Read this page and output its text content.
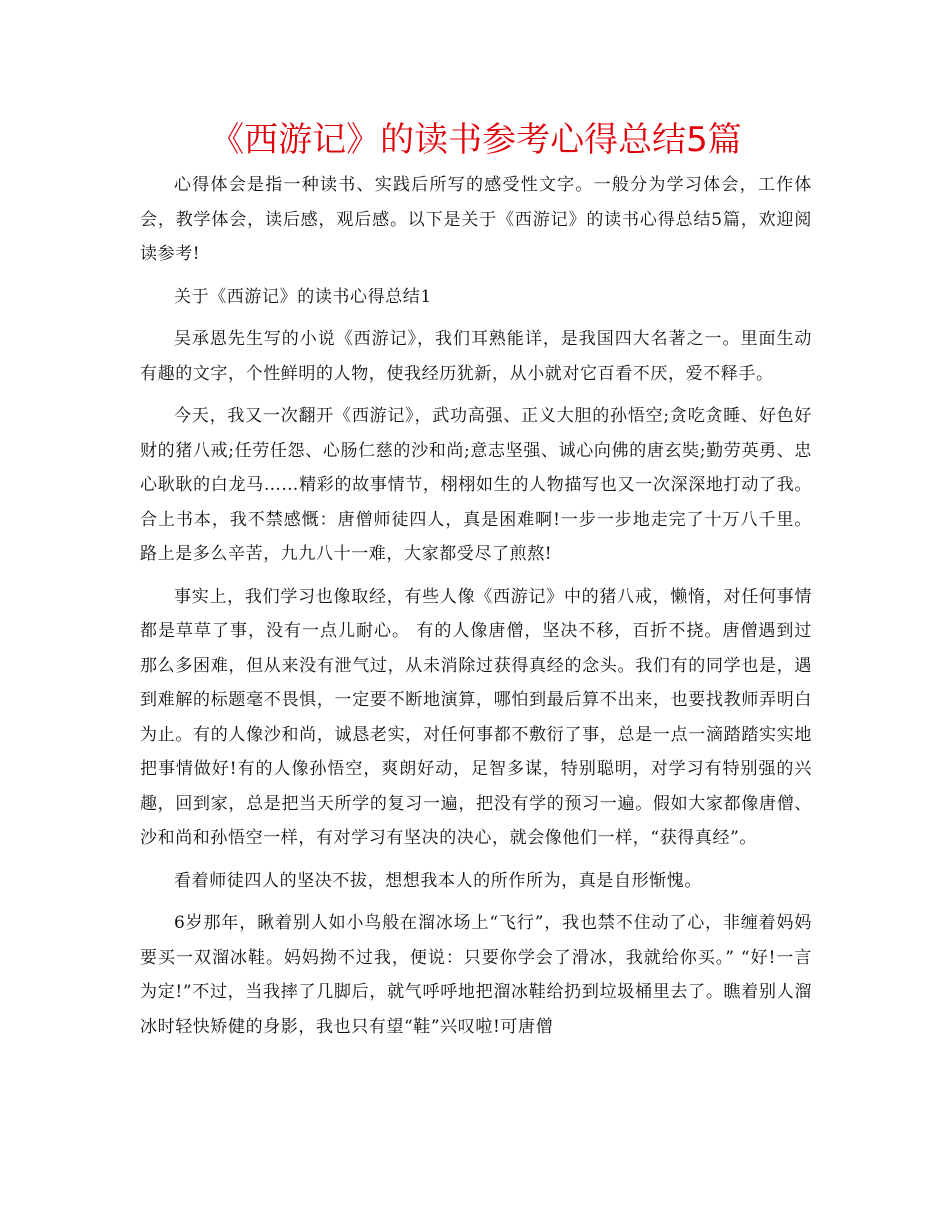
《西游记》的读书参考心得总结5篇

心得体会是指一种读书、实践后所写的感受性文字。一般分为学习体会，工作体会，教学体会，读后感，观后感。以下是关于《西游记》的读书心得总结5篇，欢迎阅读参考!

关于《西游记》的读书心得总结1

吴承恩先生写的小说《西游记》，我们耳熟能详，是我国四大名著之一。里面生动有趣的文字，个性鲜明的人物，使我经历犹新，从小就对它百看不厌，爱不释手。

今天，我又一次翻开《西游记》，武功高强、正义大胆的孙悟空;贪吃贪睡、好色好财的猪八戒;任劳任怨、心肠仁慈的沙和尚;意志坚强、诚心向佛的唐玄奘;勤劳英勇、忠心耿耿的白龙马……精彩的故事情节，栩栩如生的人物描写也又一次深深地打动了我。合上书本，我不禁感慨：唐僧师徒四人，真是困难啊!一步一步地走完了十万八千里。路上是多么辛苦，九九八十一难，大家都受尽了煎熬!

事实上，我们学习也像取经，有些人像《西游记》中的猪八戒，懒惰，对任何事情都是草草了事，没有一点儿耐心。 有的人像唐僧，坚决不移，百折不挠。唐僧遇到过那么多困难，但从来没有泄气过，从未消除过获得真经的念头。我们有的同学也是，遇到难解的标题毫不畏惧，一定要不断地演算，哪怕到最后算不出来，也要找教师弄明白为止。有的人像沙和尚，诚恳老实，对任何事都不敷衍了事，总是一点一滴踏踏实实地把事情做好!有的人像孙悟空，爽朗好动，足智多谋，特别聪明，对学习有特别强的兴趣，回到家，总是把当天所学的复习一遍，把没有学的预习一遍。假如大家都像唐僧、沙和尚和孙悟空一样，有对学习有坚决的决心，就会像他们一样，“获得真经”。

看着师徒四人的坚决不拔，想想我本人的所作所为，真是自形惭愧。

6岁那年，瞅着别人如小鸟般在溜冰场上“飞行”，我也禁不住动了心，非缠着妈妈要买一双溜冰鞋。妈妈拗不过我，便说：只要你学会了滑冰，我就给你买。” “好!一言为定!”不过，当我摔了几脚后，就气呼呼地把溜冰鞋给扔到垃圾桶里去了。瞧着别人溜冰时轻快矫健的身影，我也只有望“鞋”兴叹啦!可唐僧
